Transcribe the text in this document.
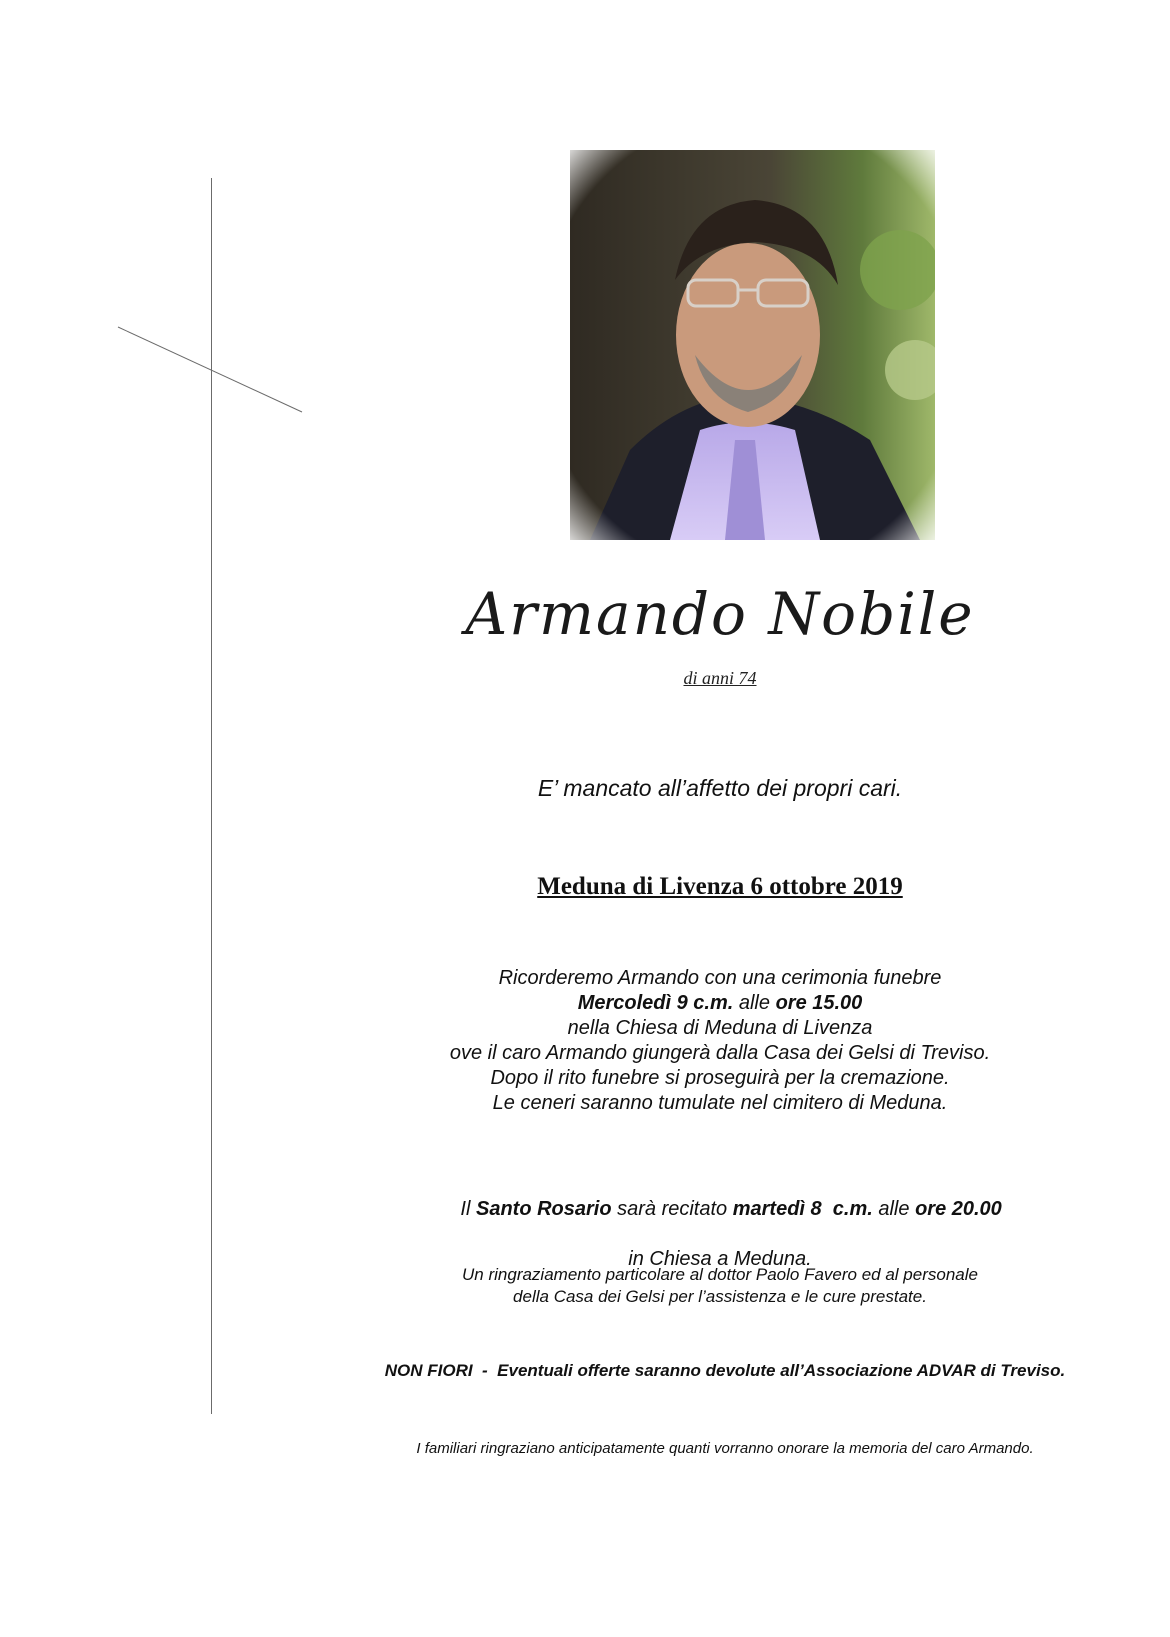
Armando Nobile
di anni 74
E’ mancato all’affetto dei propri cari.
Meduna di Livenza 6 ottobre 2019
Ricorderemo Armando con una cerimonia funebre
Mercoledì 9 c.m. alle ore 15.00
nella Chiesa di Meduna di Livenza
ove il caro Armando giungerà dalla Casa dei Gelsi di Treviso.
Dopo il rito funebre si proseguirà per la cremazione.
Le ceneri saranno tumulate nel cimitero di Meduna.

Il Santo Rosario sarà recitato martedì 8  c.m. alle ore 20.00

in Chiesa a Meduna.
Un ringraziamento particolare al dottor Paolo Favero ed al personale
della Casa dei Gelsi per l’assistenza e le cure prestate.
NON FIORI  -  Eventuali offerte saranno devolute all’Associazione ADVAR di Treviso.
I familiari ringraziano anticipatamente quanti vorranno onorare la memoria del caro Armando.
